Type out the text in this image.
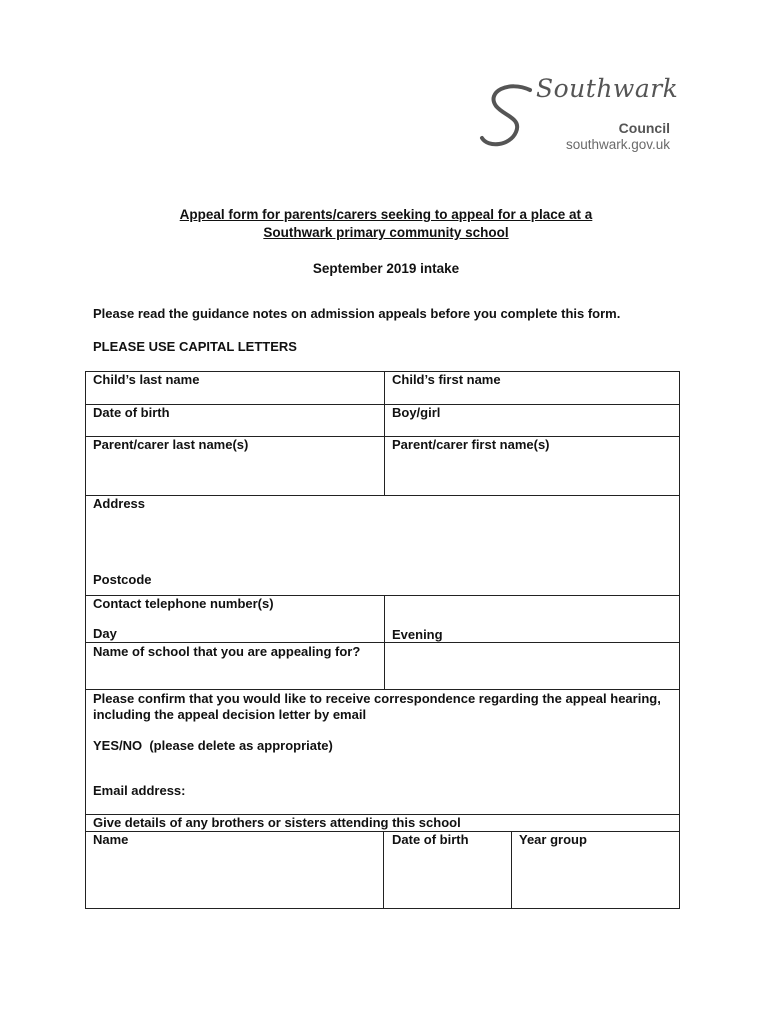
Southwark
Council
southwark.gov.uk
Appeal form for parents/carers seeking to appeal for a place at a
Southwark primary community school
September 2019 intake
Please read the guidance notes on admission appeals before you complete this form.
PLEASE USE CAPITAL LETTERS
Child’s last name	Child’s first name
Date of birth	Boy/girl
Parent/carer last name(s)	Parent/carer first name(s)
Address
Postcode
Contact telephone number(s)
Day	Evening
Name of school that you are appealing for?
Please confirm that you would like to receive correspondence regarding the appeal hearing, including the appeal decision letter by email
YES/NO  (please delete as appropriate)
Email address:
Give details of any brothers or sisters attending this school
Name	Date of birth	Year group
